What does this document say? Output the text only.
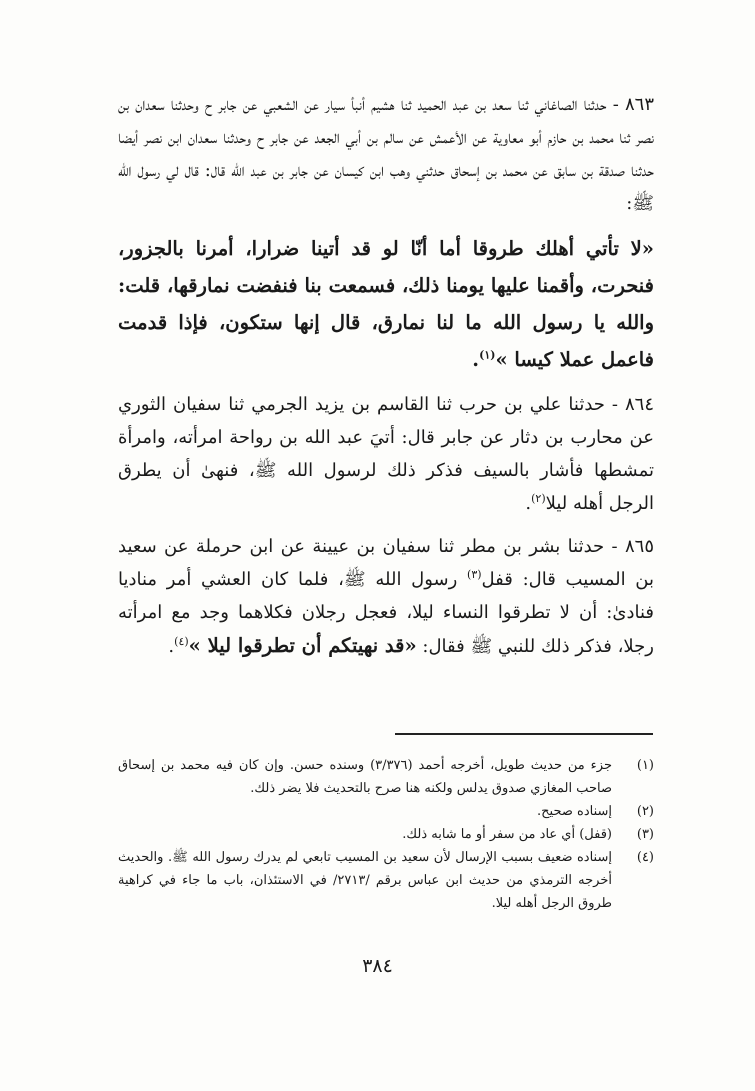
٨٦٣ - حدثنا الصاغاني ثنا سعد بن عبد الحميد ثنا هشيم أنبأ سيار عن الشعبي عن جابر ح وحدثنا سعدان بن نصر ثنا محمد بن حازم أبو معاوية عن الأعمش عن سالم بن أبي الجعد عن جابر ح وحدثنا سعدان ابن نصر أيضا حدثنا صدقة بن سابق عن محمد بن إسحاق حدثني وهب ابن كيسان عن جابر بن عبد الله قال: قال لي رسول الله ﷺ:

«لا تأتي أهلك طروقا أما أنّا لو قد أتينا ضرارا، أمرنا بالجزور، فنحرت، وأقمنا عليها يومنا ذلك، فسمعت بنا فنفضت نمارقها، قلت: والله يا رسول الله ما لنا نمارق، قال إنها ستكون، فإذا قدمت فاعمل عملا كيسا »$^{(١)}$.

٨٦٤ - حدثنا علي بن حرب ثنا القاسم بن يزيد الجرمي ثنا سفيان الثوري عن محارب بن دثار عن جابر قال: أتيَ عبد الله بن رواحة امرأته، وامرأة تمشطها فأشار بالسيف فذكر ذلك لرسول الله ﷺ، فنهىٰ أن يطرق الرجل أهله ليلا$^{(٢)}$.

٨٦٥ - حدثنا بشر بن مطر ثنا سفيان بن عيينة عن ابن حرملة عن سعيد بن المسيب قال: قفل$^{(٣)}$ رسول الله ﷺ، فلما كان العشي أمر مناديا فنادىٰ: أن لا تطرقوا النساء ليلا، فعجل رجلان فكلاهما وجد مع امرأته رجلا، فذكر ذلك للنبي ﷺ فقال: «قد نهيتكم أن تطرقوا ليلا »$^{(٤)}$.

(١)
جزء من حديث طويل، أخرجه أحمد (٣/٣٧٦) وسنده حسن. وإن كان فيه محمد بن إسحاق صاحب المغازي صدوق يدلس ولكنه هنا صرح بالتحديث فلا يضر ذلك.
(٢)
إسناده صحيح.
(٣)
(قفل) أي عاد من سفر أو ما شابه ذلك.
(٤)
إسناده ضعيف بسبب الإرسال لأن سعيد بن المسيب تابعي لم يدرك رسول الله ﷺ. والحديث أخرجه الترمذي من حديث ابن عباس برقم /٢٧١٣/ في الاستئذان، باب ما جاء في كراهية طروق الرجل أهله ليلا.
٣٨٤
